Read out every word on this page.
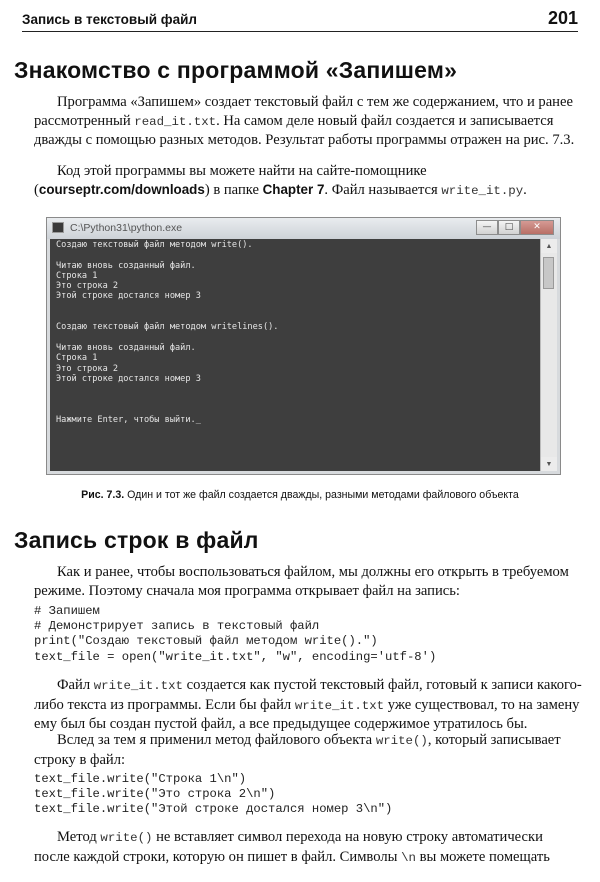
Запись в текстовый файл	201
Знакомство с программой «Запишем»

Программа «Запишем» создает текстовый файл с тем же содержанием, что и ранее рассмотренный read_it.txt. На самом деле новый файл создается и записывается дважды с помощью разных методов. Результат работы программы отражен на рис. 7.3.

Код этой программы вы можете найти на сайте-помощнике (courseptr.com/downloads) в папке Chapter 7. Файл называется write_it.py.

C:\Python31\python.exe	—	□	✕
Создаю текстовый файл методом write().

Читаю вновь созданный файл.
Строка 1
Это строка 2
Этой строке достался номер 3

Создаю текстовый файл методом writelines().

Читаю вновь созданный файл.
Строка 1
Это строка 2
Этой строке достался номер 3

Нажмите Enter, чтобы выйти._
▲
▼
Рис. 7.3. Один и тот же файл создается дважды, разными методами файлового объекта
Запись строк в файл

Как и ранее, чтобы воспользоваться файлом, мы должны его открыть в требуемом режиме. Поэтому сначала моя программа открывает файл на запись:

# Запишем
# Демонстрирует запись в текстовый файл
print("Создаю текстовый файл методом write().")
text_file = open("write_it.txt", "w", encoding='utf-8')

Файл write_it.txt создается как пустой текстовый файл, готовый к записи какого-либо текста из программы. Если бы файл write_it.txt уже существовал, то на замену ему был бы создан пустой файл, а все предыдущее содержимое утратилось бы.

Вслед за тем я применил метод файлового объекта write(), который записывает строку в файл:

text_file.write("Строка 1\n")
text_file.write("Это строка 2\n")
text_file.write("Этой строке достался номер 3\n")

Метод write() не вставляет символ перехода на новую строку автоматически после каждой строки, которую он пишет в файл. Символы \n вы можете помещать
